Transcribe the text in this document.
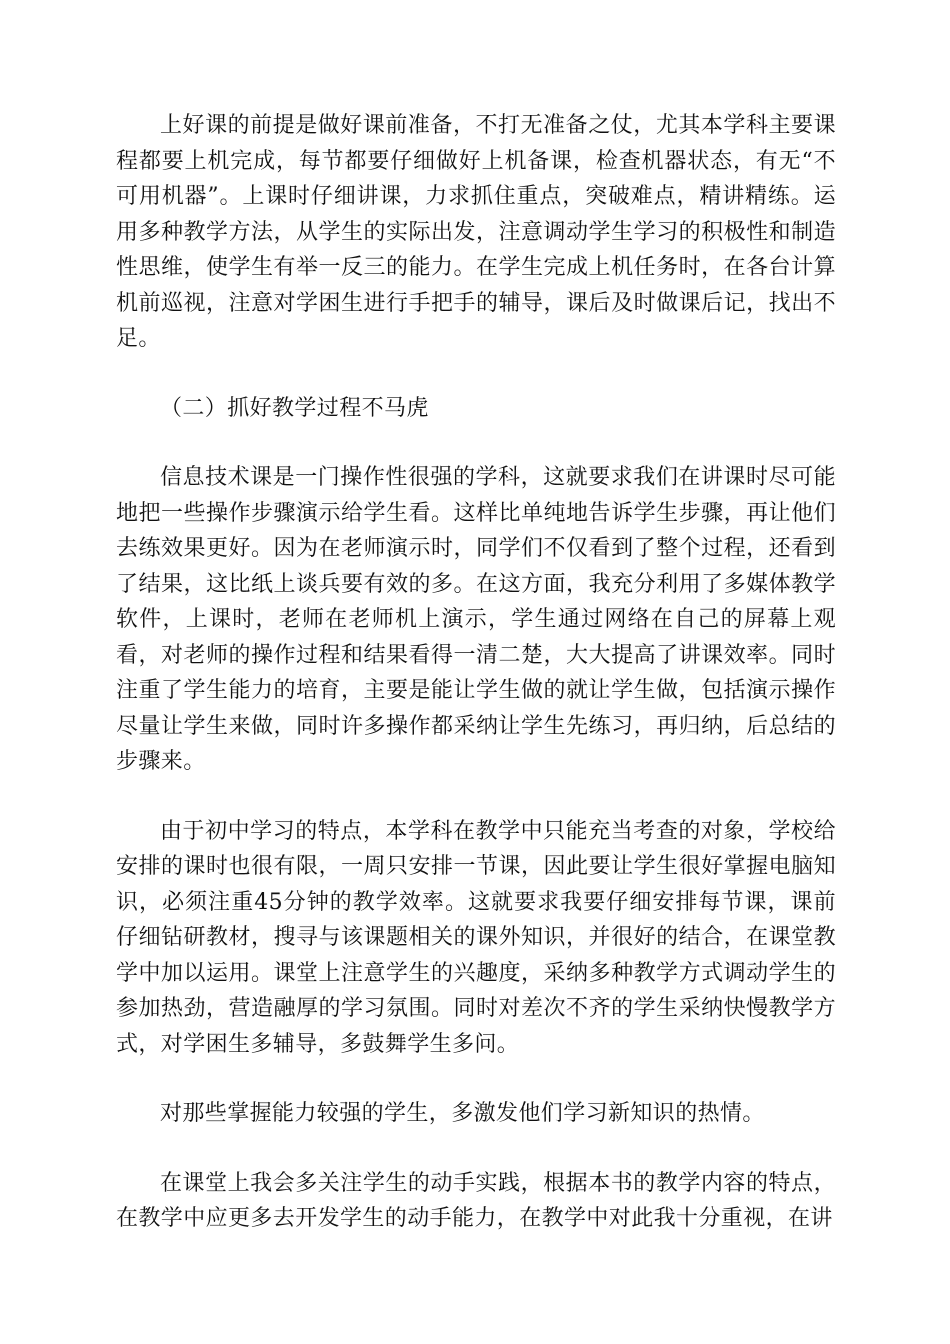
上好课的前提是做好课前准备，不打无准备之仗，尤其本学科主要课程都要上机完成，每节都要仔细做好上机备课，检查机器状态，有无“不可用机器”。上课时仔细讲课，力求抓住重点，突破难点，精讲精练。运用多种教学方法，从学生的实际出发，注意调动学生学习的积极性和制造性思维，使学生有举一反三的能力。在学生完成上机任务时，在各台计算机前巡视，注意对学困生进行手把手的辅导，课后及时做课后记，找出不足。

（二）抓好教学过程不马虎

信息技术课是一门操作性很强的学科，这就要求我们在讲课时尽可能地把一些操作步骤演示给学生看。这样比单纯地告诉学生步骤，再让他们去练效果更好。因为在老师演示时，同学们不仅看到了整个过程，还看到了结果，这比纸上谈兵要有效的多。在这方面，我充分利用了多媒体教学软件，上课时，老师在老师机上演示，学生通过网络在自己的屏幕上观看，对老师的操作过程和结果看得一清二楚，大大提高了讲课效率。同时注重了学生能力的培育，主要是能让学生做的就让学生做，包括演示操作尽量让学生来做，同时许多操作都采纳让学生先练习，再归纳，后总结的步骤来。

由于初中学习的特点，本学科在教学中只能充当考查的对象，学校给安排的课时也很有限，一周只安排一节课，因此要让学生很好掌握电脑知识，必须注重45分钟的教学效率。这就要求我要仔细安排每节课，课前仔细钻研教材，搜寻与该课题相关的课外知识，并很好的结合，在课堂教学中加以运用。课堂上注意学生的兴趣度，采纳多种教学方式调动学生的参加热劲，营造融厚的学习氛围。同时对差次不齐的学生采纳快慢教学方式，对学困生多辅导，多鼓舞学生多问。

对那些掌握能力较强的学生，多激发他们学习新知识的热情。

在课堂上我会多关注学生的动手实践，根据本书的教学内容的特点，在教学中应更多去开发学生的动手能力，在教学中对此我十分重视，在讲
